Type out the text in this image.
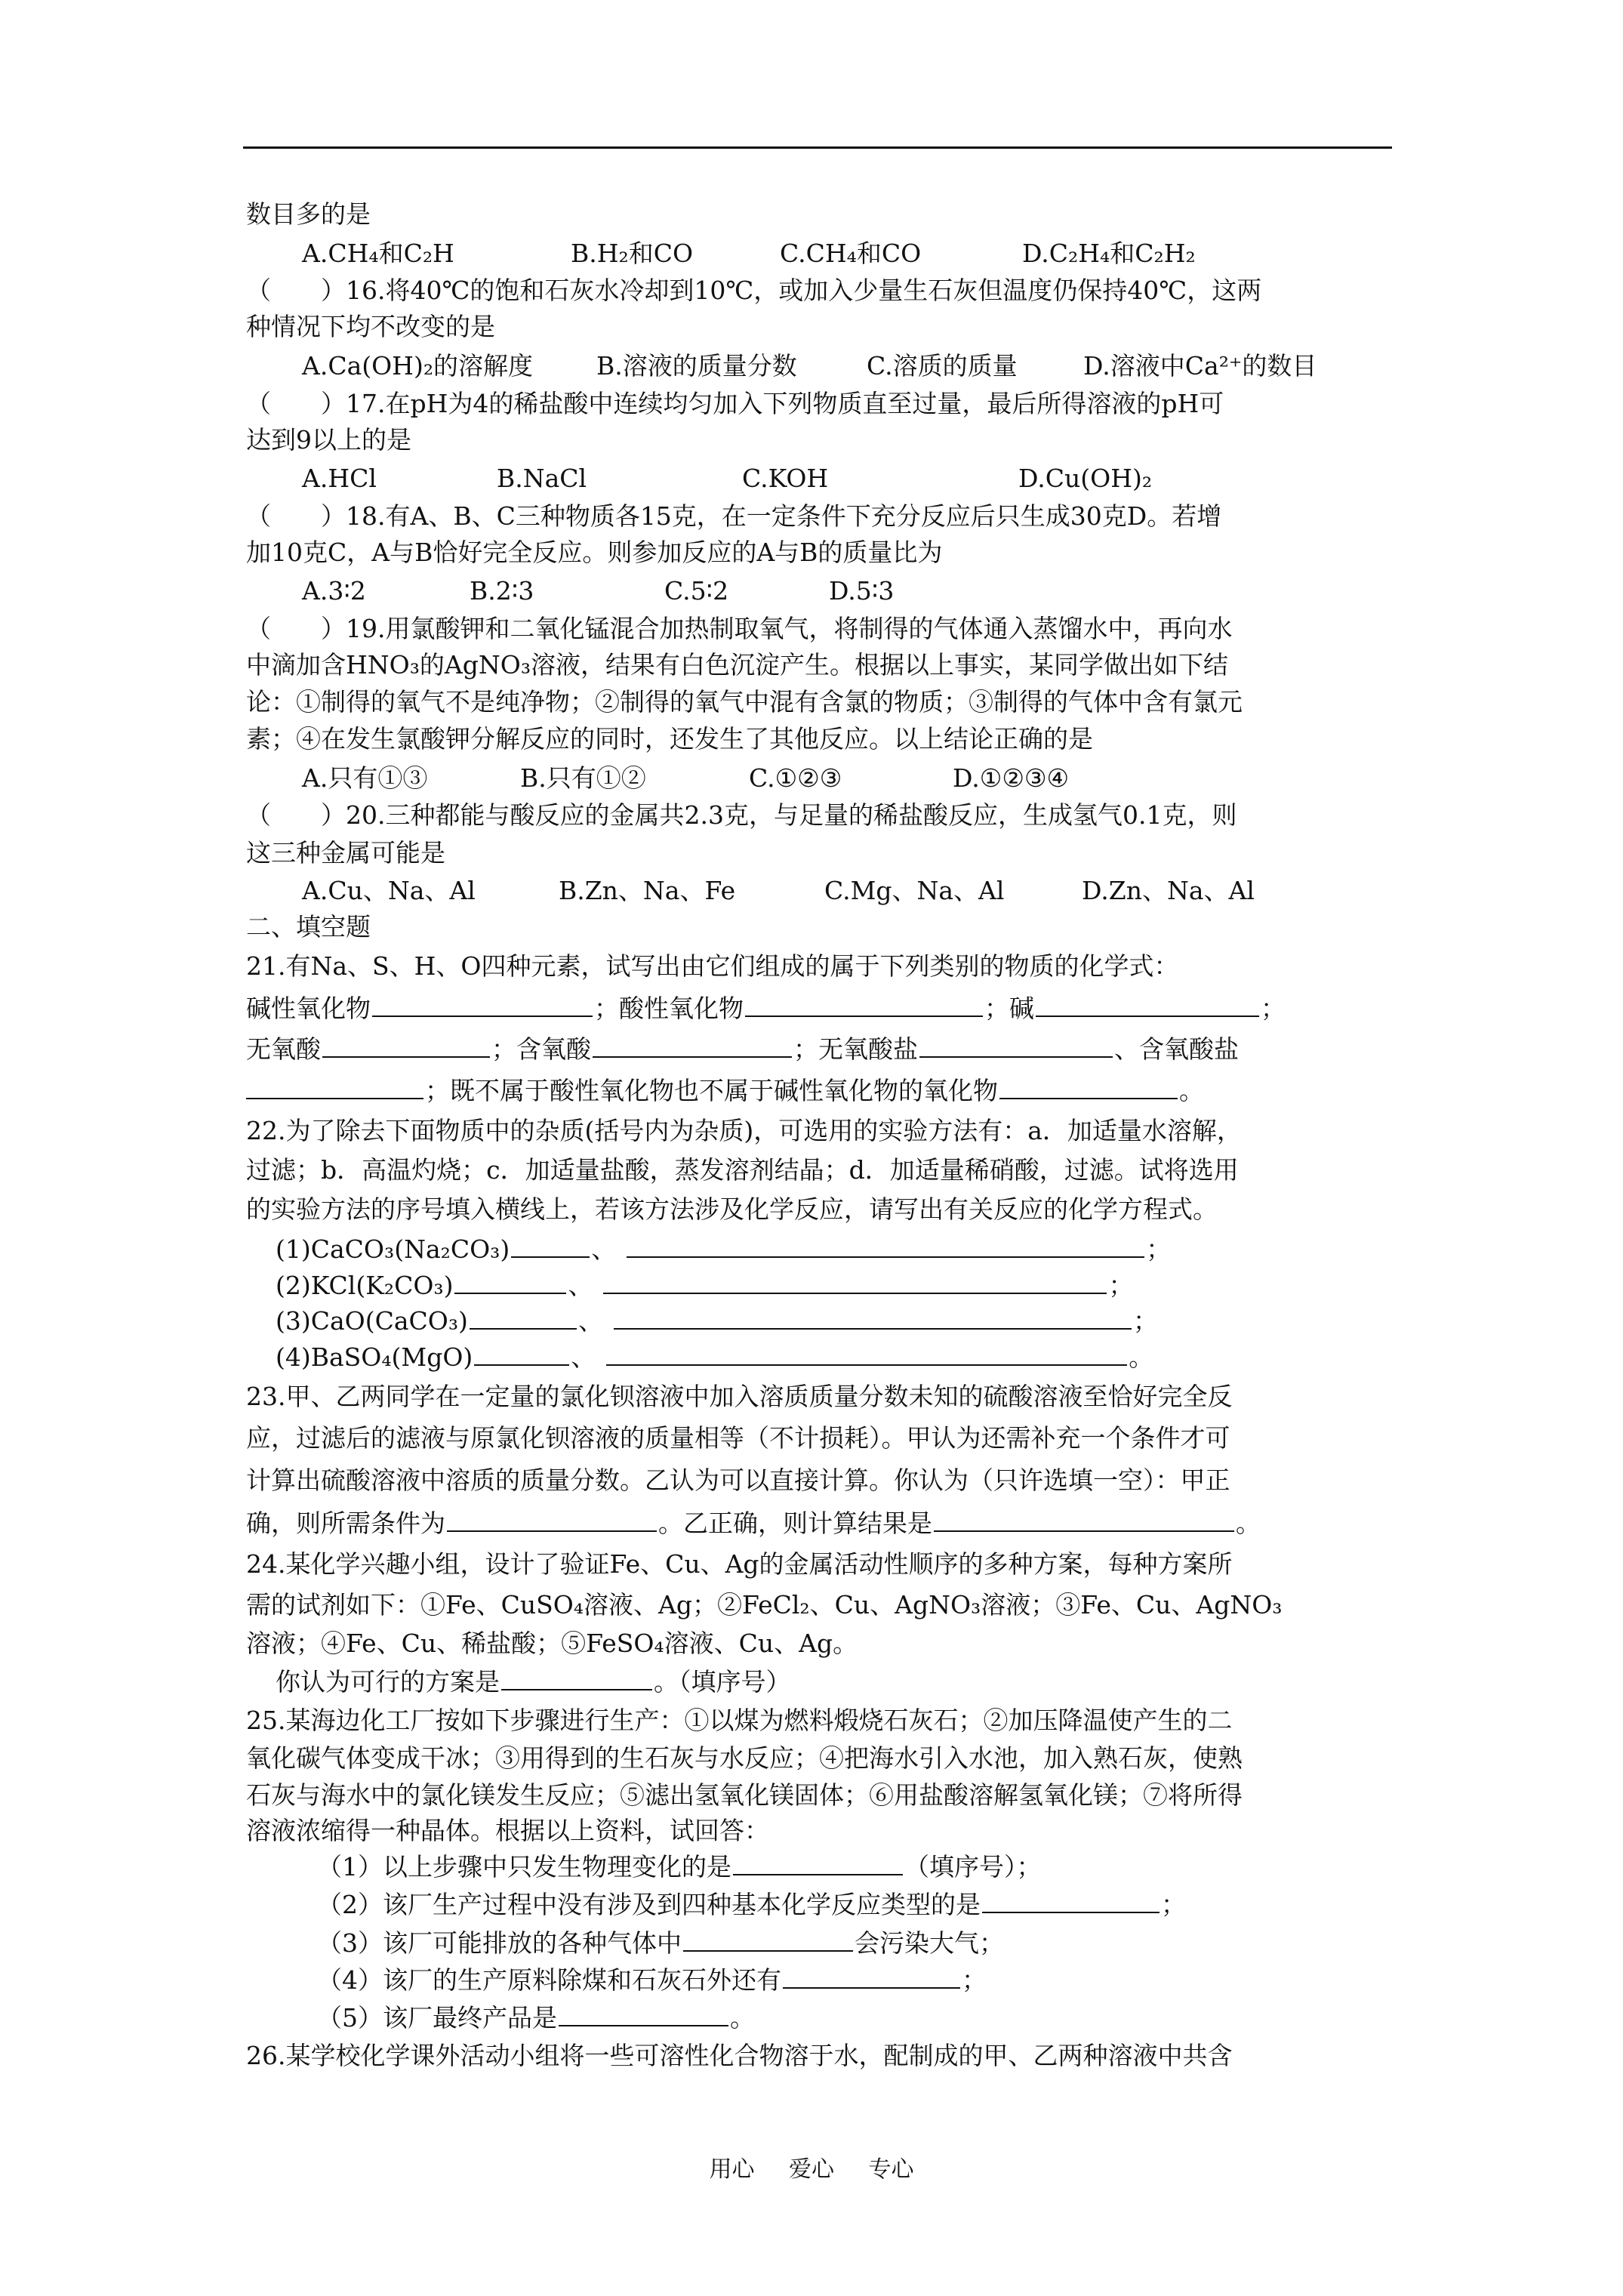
数目多的是
A.CH₄和C₂H	B.H₂和CO	C.CH₄和CO	D.C₂H₄和C₂H₂
（　　）16.将40℃的饱和石灰水冷却到10℃，或加入少量生石灰但温度仍保持40℃，这两
种情况下均不改变的是
A.Ca(OH)₂的溶解度	B.溶液的质量分数	C.溶质的质量	D.溶液中Ca²⁺的数目
（　　）17.在pH为4的稀盐酸中连续均匀加入下列物质直至过量，最后所得溶液的pH可
达到9以上的是
A.HCl	B.NaCl	C.KOH	D.Cu(OH)₂
（　　）18.有A、B、C三种物质各15克，在一定条件下充分反应后只生成30克D。若增
加10克C，A与B恰好完全反应。则参加反应的A与B的质量比为
A.3∶2	B.2∶3	C.5∶2	D.5∶3
（　　）19.用氯酸钾和二氧化锰混合加热制取氧气，将制得的气体通入蒸馏水中，再向水
中滴加含HNO₃的AgNO₃溶液，结果有白色沉淀产生。根据以上事实，某同学做出如下结
论：①制得的氧气不是纯净物；②制得的氧气中混有含氯的物质；③制得的气体中含有氯元
素；④在发生氯酸钾分解反应的同时，还发生了其他反应。以上结论正确的是
A.只有①③	B.只有①②	C.①②③	D.①②③④
（　　）20.三种都能与酸反应的金属共2.3克，与足量的稀盐酸反应，生成氢气0.1克，则
这三种金属可能是
A.Cu、Na、Al	B.Zn、Na、Fe	C.Mg、Na、Al	D.Zn、Na、Al
二、填空题
21.有Na、S、H、O四种元素，试写出由它们组成的属于下列类别的物质的化学式：
碱性氧化物	；酸性氧化物	；碱	；
无氧酸	；含氧酸	；无氧酸盐	、含氧酸盐
；既不属于酸性氧化物也不属于碱性氧化物的氧化物	。
22.为了除去下面物质中的杂质(括号内为杂质)，可选用的实验方法有：a．加适量水溶解，
过滤；b．高温灼烧；c．加适量盐酸，蒸发溶剂结晶；d．加适量稀硝酸，过滤。试将选用
的实验方法的序号填入横线上，若该方法涉及化学反应，请写出有关反应的化学方程式。
(1)CaCO₃(Na₂CO₃)	、	；
(2)KCl(K₂CO₃)	、	；
(3)CaO(CaCO₃)	、	；
(4)BaSO₄(MgO)	、	。
23.甲、乙两同学在一定量的氯化钡溶液中加入溶质质量分数未知的硫酸溶液至恰好完全反
应，过滤后的滤液与原氯化钡溶液的质量相等（不计损耗）。甲认为还需补充一个条件才可
计算出硫酸溶液中溶质的质量分数。乙认为可以直接计算。你认为（只许选填一空）：甲正
确，则所需条件为	。乙正确，则计算结果是	。
24.某化学兴趣小组，设计了验证Fe、Cu、Ag的金属活动性顺序的多种方案，每种方案所
需的试剂如下：①Fe、CuSO₄溶液、Ag；②FeCl₂、Cu、AgNO₃溶液；③Fe、Cu、AgNO₃
溶液；④Fe、Cu、稀盐酸；⑤FeSO₄溶液、Cu、Ag。
你认为可行的方案是	。（填序号）
25.某海边化工厂按如下步骤进行生产：①以煤为燃料煅烧石灰石；②加压降温使产生的二
氧化碳气体变成干冰；③用得到的生石灰与水反应；④把海水引入水池，加入熟石灰，使熟
石灰与海水中的氯化镁发生反应；⑤滤出氢氧化镁固体；⑥用盐酸溶解氢氧化镁；⑦将所得
溶液浓缩得一种晶体。根据以上资料，试回答：
（1）以上步骤中只发生物理变化的是	（填序号）；
（2）该厂生产过程中没有涉及到四种基本化学反应类型的是	；
（3）该厂可能排放的各种气体中	会污染大气；
（4）该厂的生产原料除煤和石灰石外还有	；
（5）该厂最终产品是	。
26.某学校化学课外活动小组将一些可溶性化合物溶于水，配制成的甲、乙两种溶液中共含
用心 爱心 专心
